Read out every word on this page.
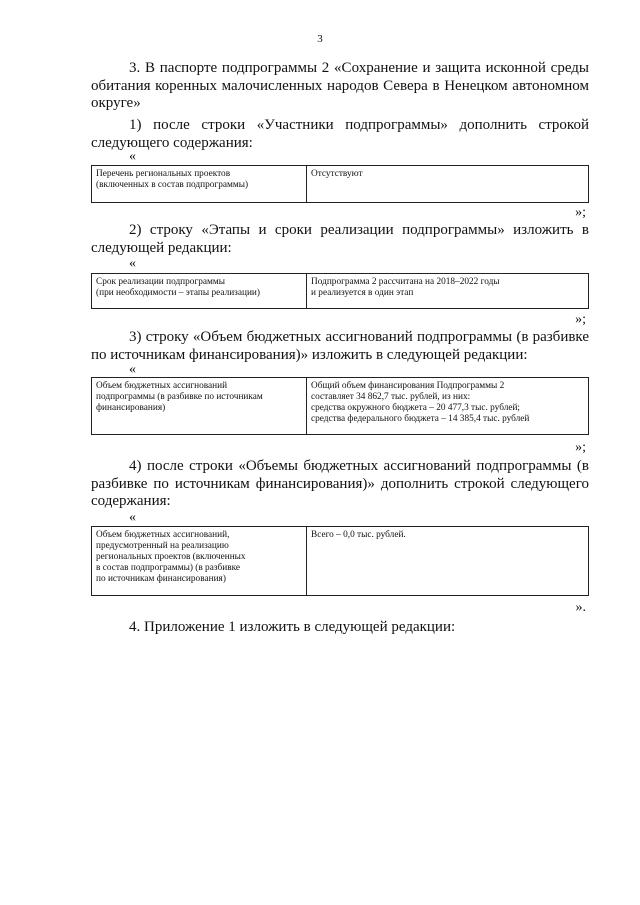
3
3. В паспорте подпрограммы 2 «Сохранение и защита исконной среды обитания коренных малочисленных народов Севера в Ненецком автономном округе»
1) после строки «Участники подпрограммы» дополнить строкой следующего содержания:
«
Перечень региональных проектов
(включенных в состав подпрограммы)

Отсутствуют
»;
2) строку «Этапы и сроки реализации подпрограммы» изложить в следующей редакции:
«
Срок реализации подпрограммы
(при необходимости – этапы реализации)

Подпрограмма 2 рассчитана на 2018–2022 годы
и реализуется в один этап
»;
3) строку «Объем бюджетных ассигнований подпрограммы (в разбивке по источникам финансирования)» изложить в следующей редакции:
«
Объем бюджетных ассигнований
подпрограммы (в разбивке по источникам
финансирования)

Общий объем финансирования Подпрограммы 2
составляет 34 862,7 тыс. рублей, из них:
средства окружного бюджета – 20 477,3 тыс. рублей;
средства федерального бюджета – 14 385,4 тыс. рублей
»;
4) после строки «Объемы бюджетных ассигнований подпрограммы (в разбивке по источникам финансирования)» дополнить строкой следующего содержания:
«
Объем бюджетных ассигнований,
предусмотренный на реализацию
региональных проектов (включенных
в состав подпрограммы) (в разбивке
по источникам финансирования)

Всего – 0,0 тыс. рублей.
».
4. Приложение 1 изложить в следующей редакции:
